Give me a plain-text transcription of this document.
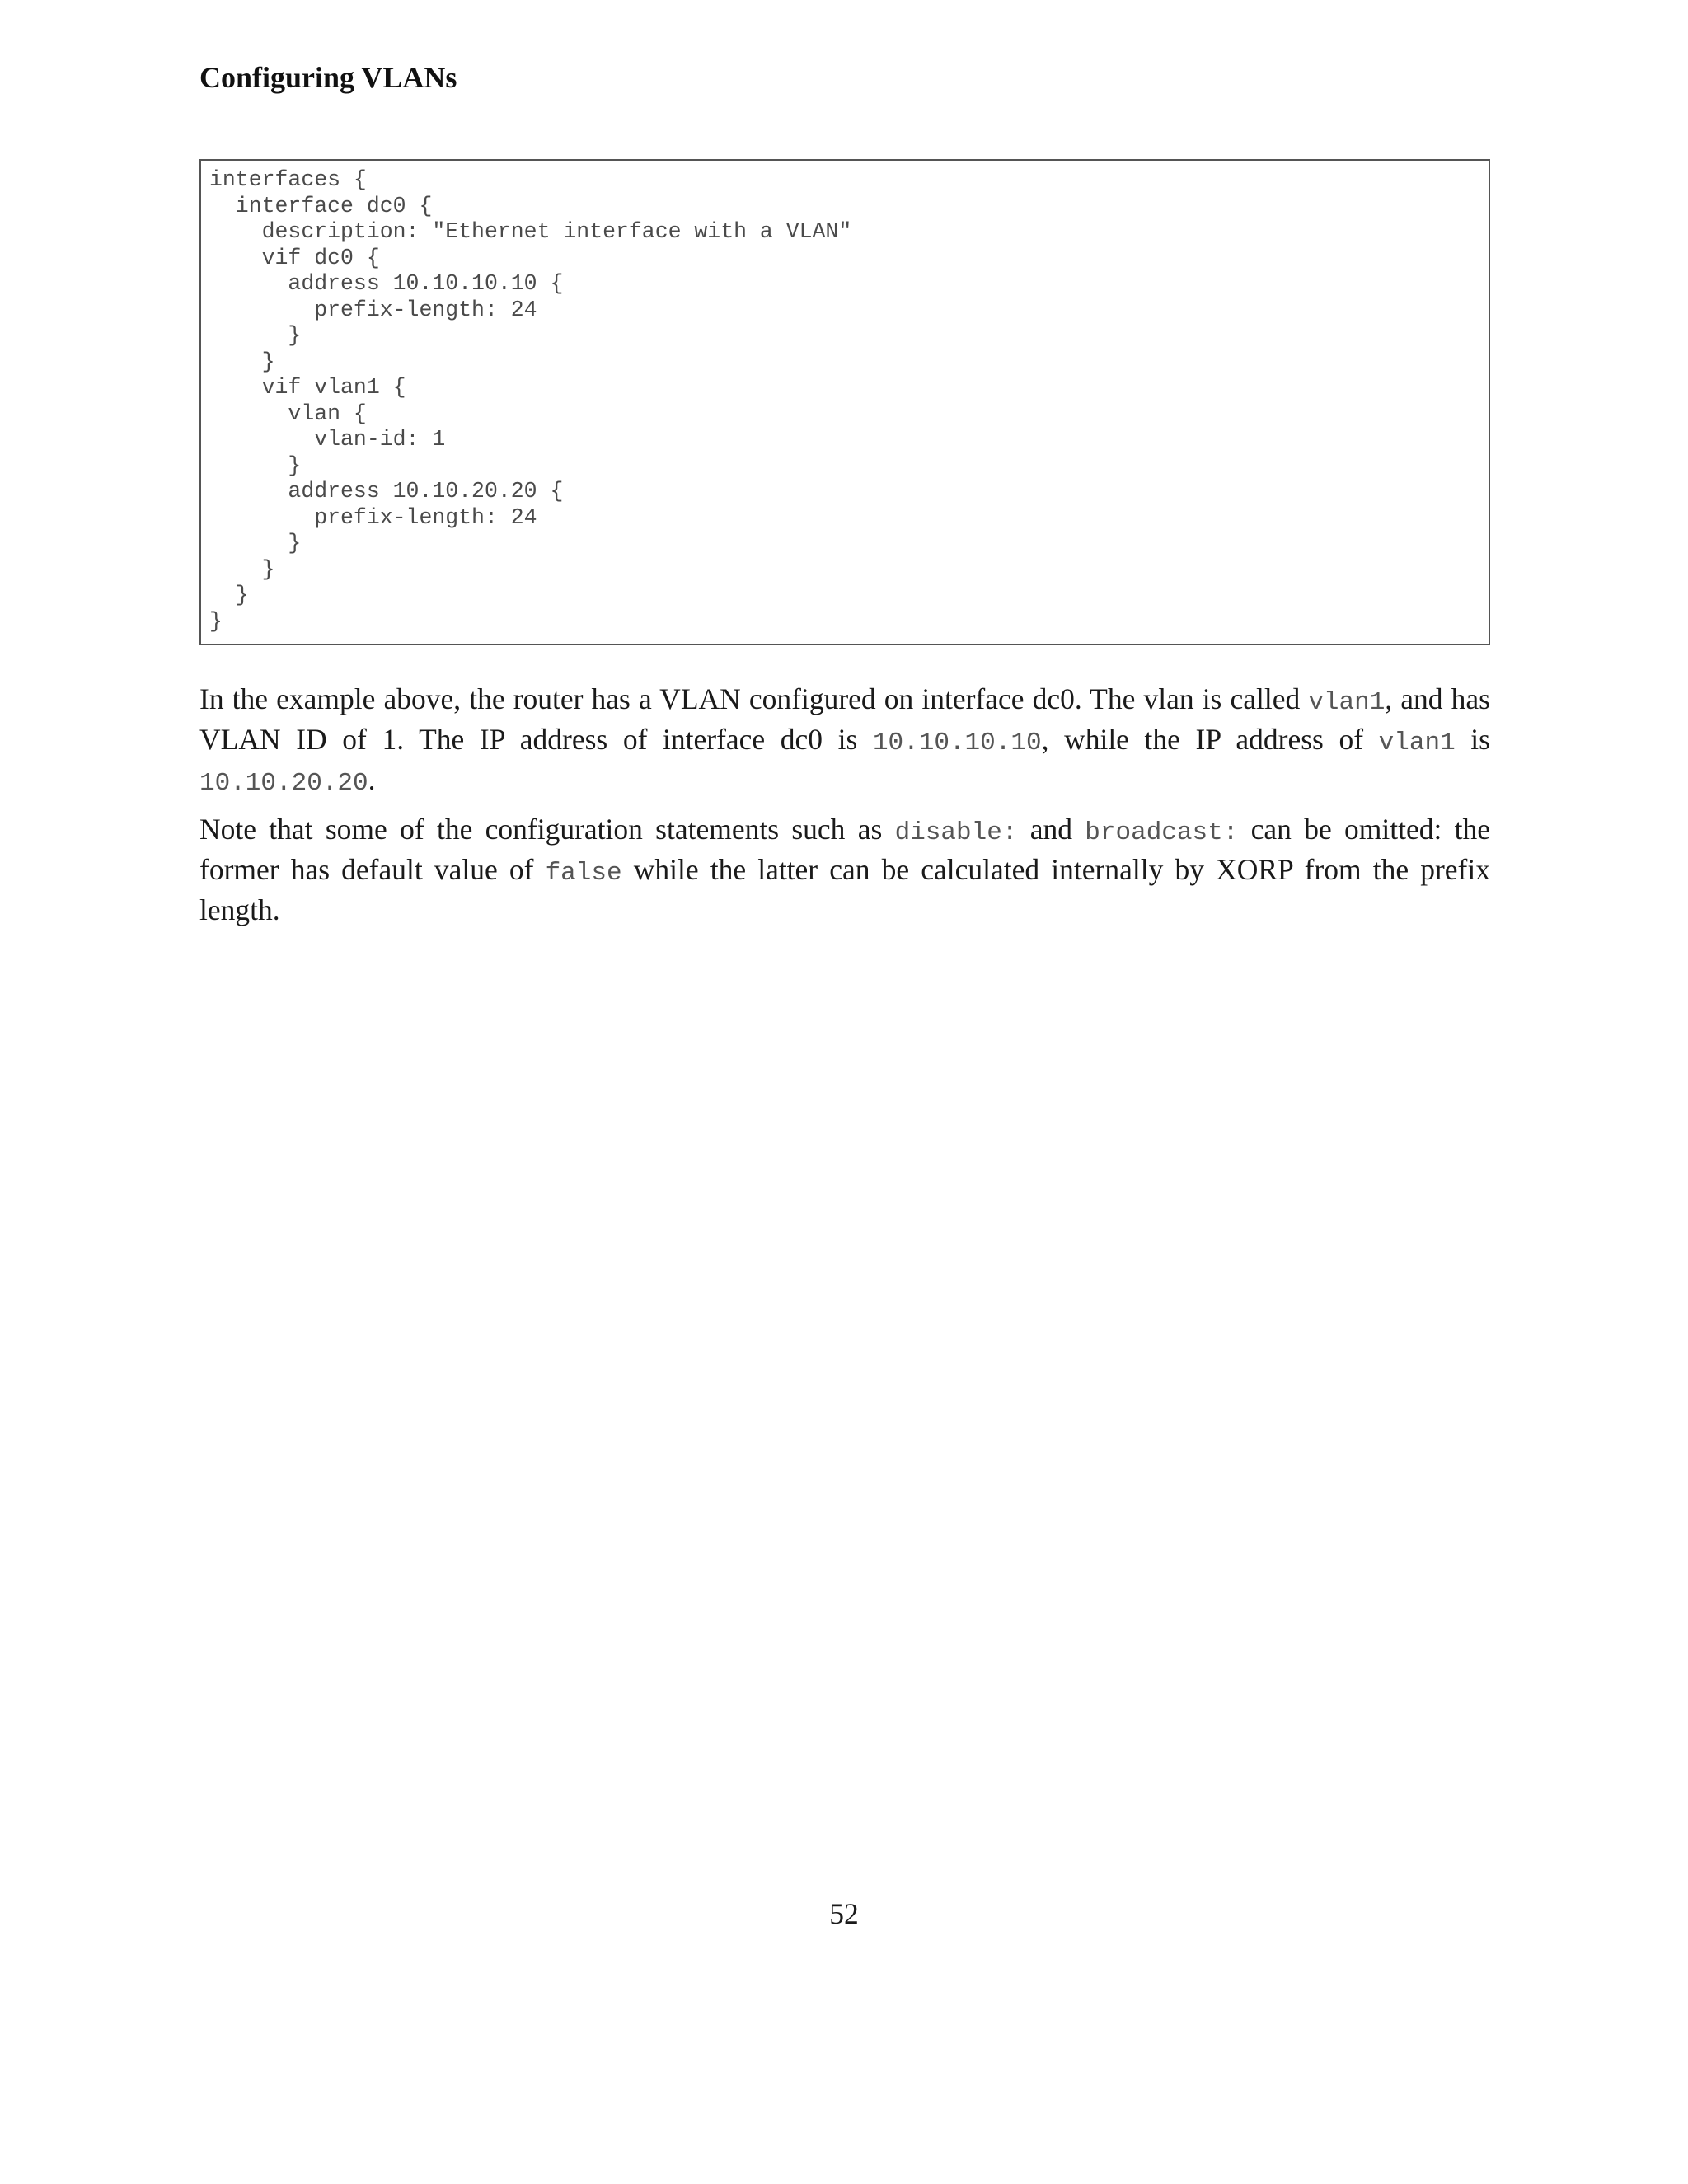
Configuring VLANs
interfaces {
interface dc0 {
description: "Ethernet interface with a VLAN"
vif dc0 {
address 10.10.10.10 {
prefix-length: 24
}
}
vif vlan1 {
vlan {
vlan-id: 1
}
address 10.10.20.20 {
prefix-length: 24
}
}
}
}

In the example above, the router has a VLAN configured on interface dc0. The vlan is called vlan1, and has VLAN ID of 1. The IP address of interface dc0 is 10.10.10.10, while the IP address of vlan1 is 10.10.20.20.

Note that some of the configuration statements such as disable: and broadcast: can be omitted: the former has default value of false while the latter can be calculated internally by XORP from the prefix length.

52
